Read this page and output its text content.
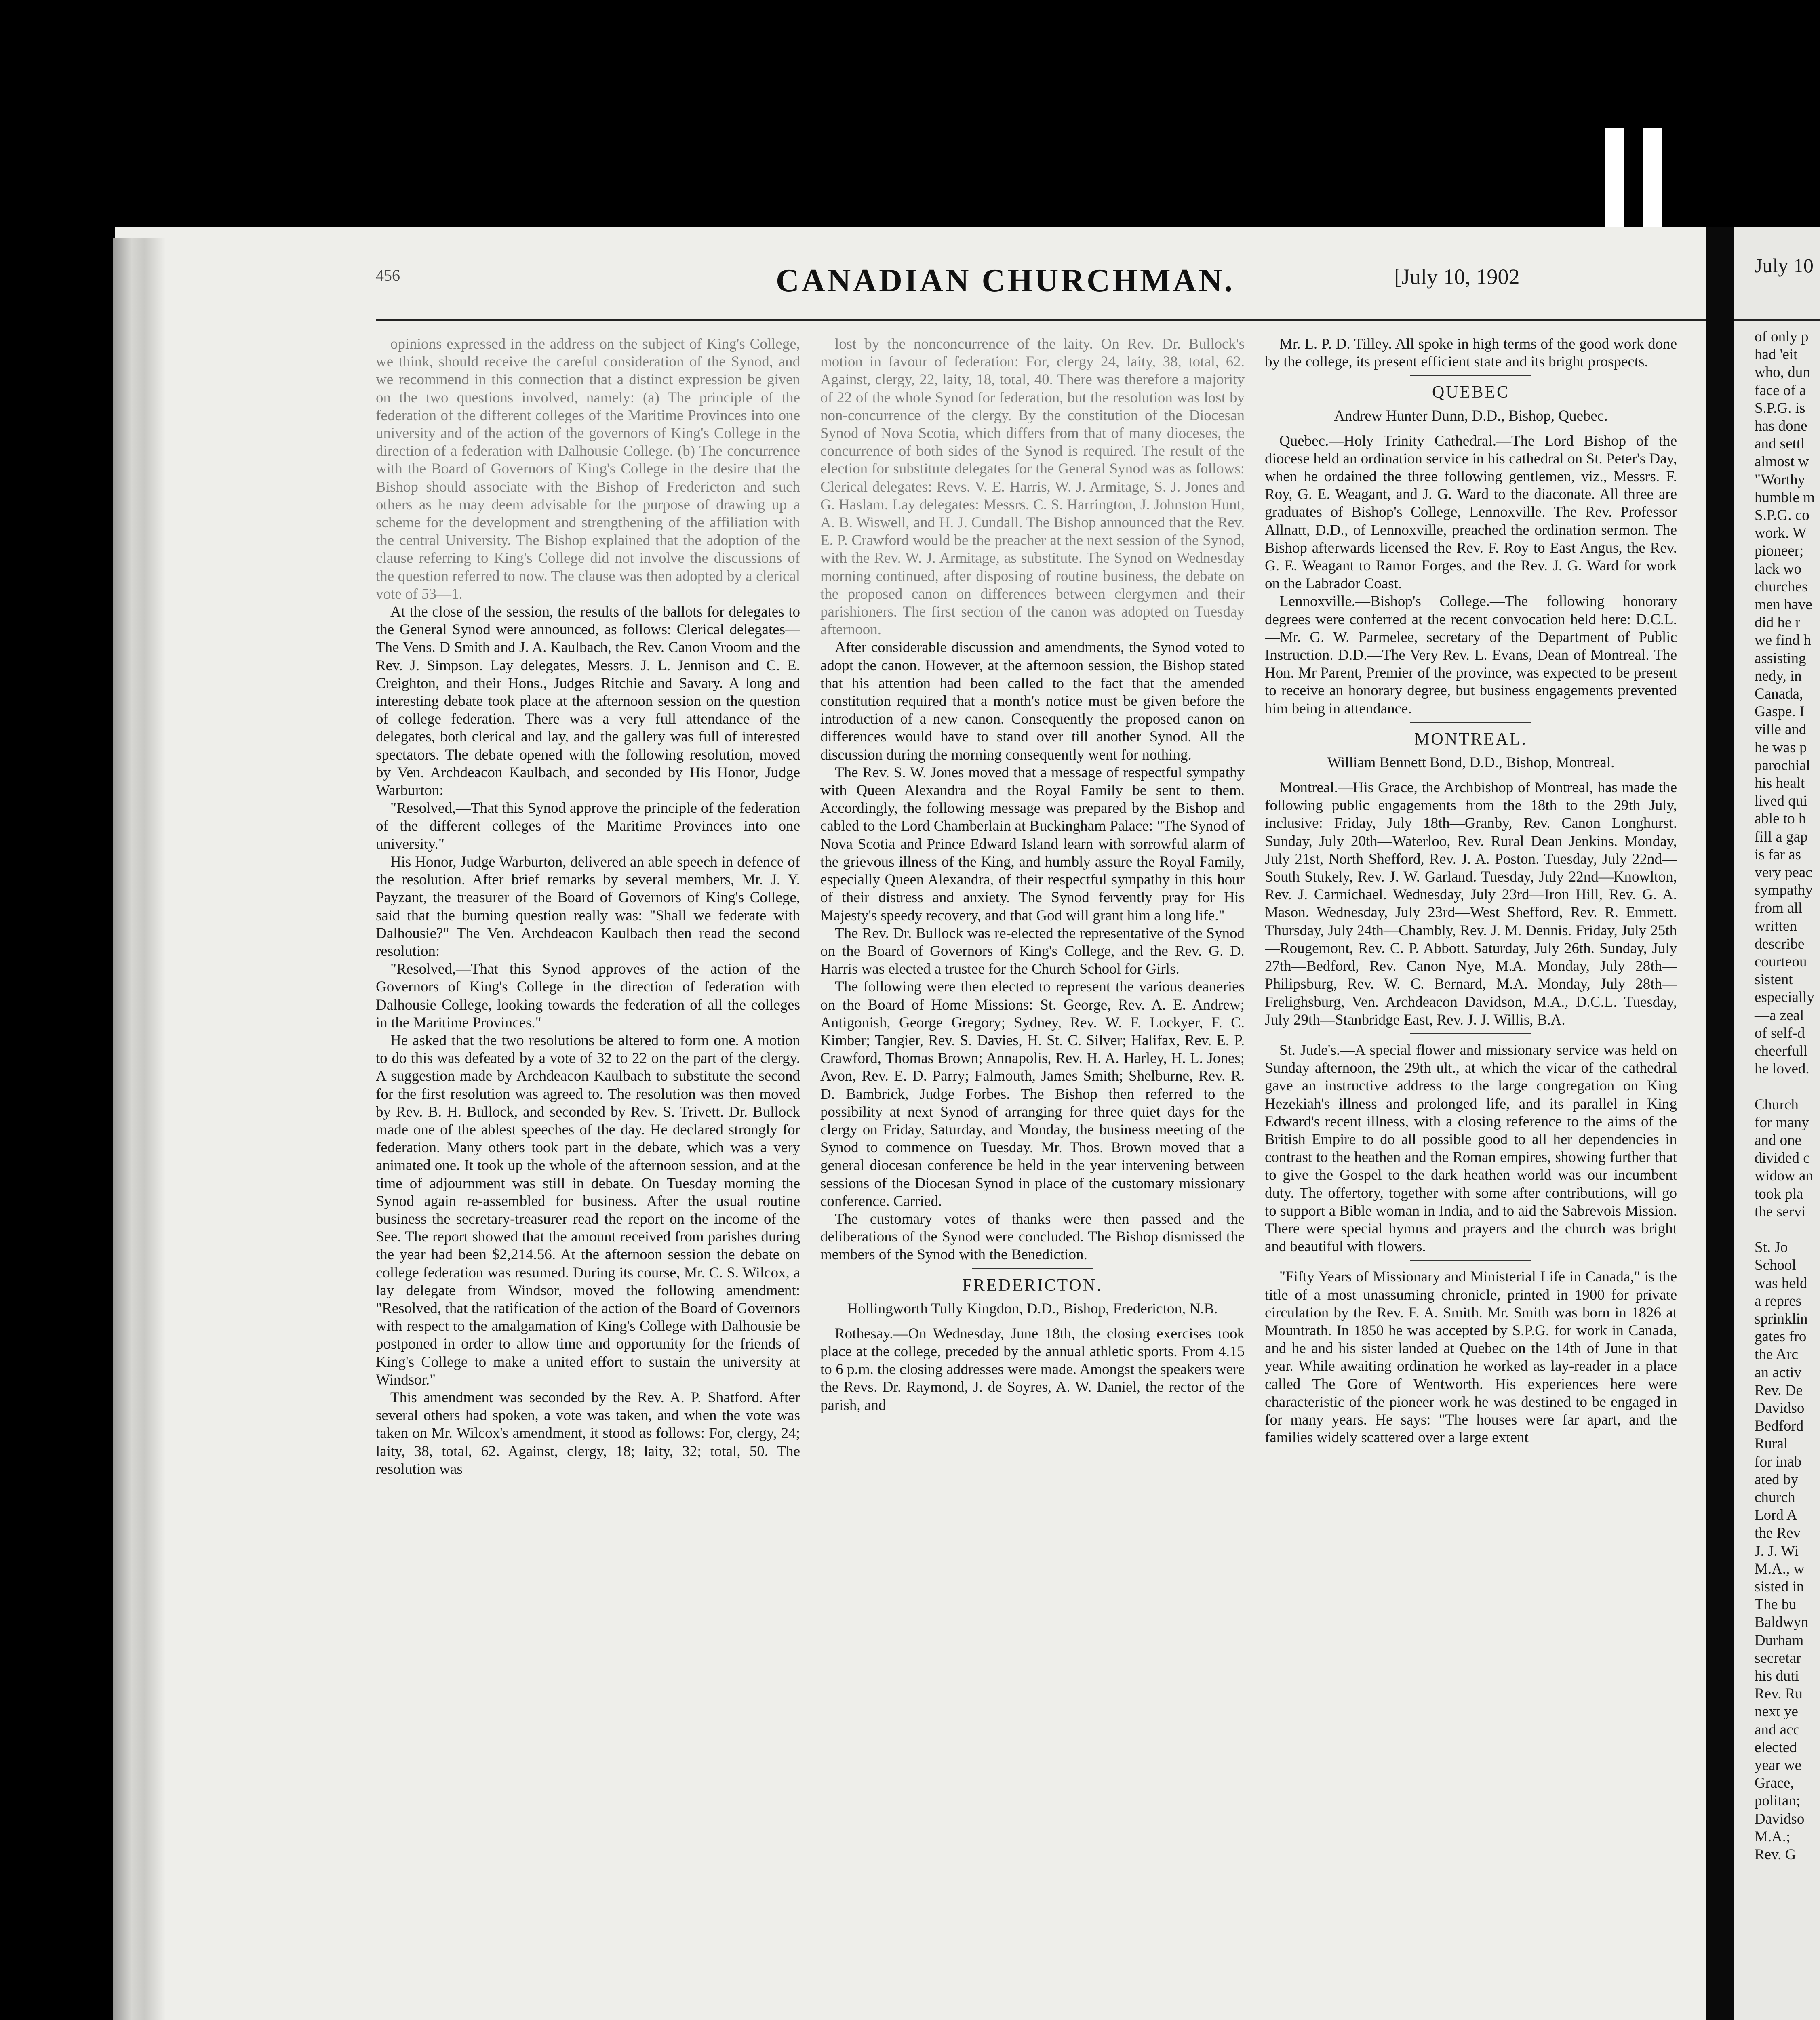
456	CANADIAN CHURCHMAN.	[July 10, 1902

opinions expressed in the address on the subject of King's College, we think, should receive the careful consideration of the Synod, and we recommend in this connection that a distinct expression be given on the two questions involved, namely: (a) The principle of the federation of the different colleges of the Maritime Provinces into one university and of the action of the governors of King's College in the direction of a federation with Dalhousie College. (b) The concurrence with the Board of Governors of King's College in the desire that the Bishop should associate with the Bishop of Fredericton and such others as he may deem advisable for the purpose of drawing up a scheme for the development and strengthening of the affiliation with the central University. The Bishop explained that the adoption of the clause referring to King's College did not involve the discussions of the question referred to now. The clause was then adopted by a clerical vote of 53—1.

At the close of the session, the results of the ballots for delegates to the General Synod were announced, as follows: Clerical delegates—The Vens. D Smith and J. A. Kaulbach, the Rev. Canon Vroom and the Rev. J. Simpson. Lay delegates, Messrs. J. L. Jennison and C. E. Creighton, and their Hons., Judges Ritchie and Savary. A long and interesting debate took place at the afternoon session on the question of college federation. There was a very full attendance of the delegates, both clerical and lay, and the gallery was full of interested spectators. The debate opened with the following resolution, moved by Ven. Archdeacon Kaulbach, and seconded by His Honor, Judge Warburton:

"Resolved,—That this Synod approve the principle of the federation of the different colleges of the Maritime Provinces into one university."

His Honor, Judge Warburton, delivered an able speech in defence of the resolution. After brief remarks by several members, Mr. J. Y. Payzant, the treasurer of the Board of Governors of King's College, said that the burning question really was: "Shall we federate with Dalhousie?" The Ven. Archdeacon Kaulbach then read the second resolution:

"Resolved,—That this Synod approves of the action of the Governors of King's College in the direction of federation with Dalhousie College, looking towards the federation of all the colleges in the Maritime Provinces."

He asked that the two resolutions be altered to form one. A motion to do this was defeated by a vote of 32 to 22 on the part of the clergy. A suggestion made by Archdeacon Kaulbach to substitute the second for the first resolution was agreed to. The resolution was then moved by Rev. B. H. Bullock, and seconded by Rev. S. Trivett. Dr. Bullock made one of the ablest speeches of the day. He declared strongly for federation. Many others took part in the debate, which was a very animated one. It took up the whole of the afternoon session, and at the time of adjournment was still in debate. On Tuesday morning the Synod again re-assembled for business. After the usual routine business the secretary-treasurer read the report on the income of the See. The report showed that the amount received from parishes during the year had been $2,214.56. At the afternoon session the debate on college federation was resumed. During its course, Mr. C. S. Wilcox, a lay delegate from Windsor, moved the following amendment: "Resolved, that the ratification of the action of the Board of Governors with respect to the amalgamation of King's College with Dalhousie be postponed in order to allow time and opportunity for the friends of King's College to make a united effort to sustain the university at Windsor."

This amendment was seconded by the Rev. A. P. Shatford. After several others had spoken, a vote was taken, and when the vote was taken on Mr. Wilcox's amendment, it stood as follows: For, clergy, 24; laity, 38, total, 62. Against, clergy, 18; laity, 32; total, 50. The resolution was

lost by the nonconcurrence of the laity. On Rev. Dr. Bullock's motion in favour of federation: For, clergy 24, laity, 38, total, 62. Against, clergy, 22, laity, 18, total, 40. There was therefore a majority of 22 of the whole Synod for federation, but the resolution was lost by non-concurrence of the clergy. By the constitution of the Diocesan Synod of Nova Scotia, which differs from that of many dioceses, the concurrence of both sides of the Synod is required. The result of the election for substitute delegates for the General Synod was as follows: Clerical delegates: Revs. V. E. Harris, W. J. Armitage, S. J. Jones and G. Haslam. Lay delegates: Messrs. C. S. Harrington, J. Johnston Hunt, A. B. Wiswell, and H. J. Cundall. The Bishop announced that the Rev. E. P. Crawford would be the preacher at the next session of the Synod, with the Rev. W. J. Armitage, as substitute. The Synod on Wednesday morning continued, after disposing of routine business, the debate on the proposed canon on differences between clergymen and their parishioners. The first section of the canon was adopted on Tuesday afternoon.

After considerable discussion and amendments, the Synod voted to adopt the canon. However, at the afternoon session, the Bishop stated that his attention had been called to the fact that the amended constitution required that a month's notice must be given before the introduction of a new canon. Consequently the proposed canon on differences would have to stand over till another Synod. All the discussion during the morning consequently went for nothing.

The Rev. S. W. Jones moved that a message of respectful sympathy with Queen Alexandra and the Royal Family be sent to them. Accordingly, the following message was prepared by the Bishop and cabled to the Lord Chamberlain at Buckingham Palace: "The Synod of Nova Scotia and Prince Edward Island learn with sorrowful alarm of the grievous illness of the King, and humbly assure the Royal Family, especially Queen Alexandra, of their respectful sympathy in this hour of their distress and anxiety. The Synod fervently pray for His Majesty's speedy recovery, and that God will grant him a long life."

The Rev. Dr. Bullock was re-elected the representative of the Synod on the Board of Governors of King's College, and the Rev. G. D. Harris was elected a trustee for the Church School for Girls.

The following were then elected to represent the various deaneries on the Board of Home Missions: St. George, Rev. A. E. Andrew; Antigonish, George Gregory; Sydney, Rev. W. F. Lockyer, F. C. Kimber; Tangier, Rev. S. Davies, H. St. C. Silver; Halifax, Rev. E. P. Crawford, Thomas Brown; Annapolis, Rev. H. A. Harley, H. L. Jones; Avon, Rev. E. D. Parry; Falmouth, James Smith; Shelburne, Rev. R. D. Bambrick, Judge Forbes. The Bishop then referred to the possibility at next Synod of arranging for three quiet days for the clergy on Friday, Saturday, and Monday, the business meeting of the Synod to commence on Tuesday. Mr. Thos. Brown moved that a general diocesan conference be held in the year intervening between sessions of the Diocesan Synod in place of the customary missionary conference. Carried.

The customary votes of thanks were then passed and the deliberations of the Synod were concluded. The Bishop dismissed the members of the Synod with the Benediction.

FREDERICTON.
Hollingworth Tully Kingdon, D.D., Bishop, Fredericton, N.B.

Rothesay.—On Wednesday, June 18th, the closing exercises took place at the college, preceded by the annual athletic sports. From 4.15 to 6 p.m. the closing addresses were made. Amongst the speakers were the Revs. Dr. Raymond, J. de Soyres, A. W. Daniel, the rector of the parish, and

Mr. L. P. D. Tilley. All spoke in high terms of the good work done by the college, its present efficient state and its bright prospects.

QUEBEC
Andrew Hunter Dunn, D.D., Bishop, Quebec.

Quebec.—Holy Trinity Cathedral.—The Lord Bishop of the diocese held an ordination service in his cathedral on St. Peter's Day, when he ordained the three following gentlemen, viz., Messrs. F. Roy, G. E. Weagant, and J. G. Ward to the diaconate. All three are graduates of Bishop's College, Lennoxville. The Rev. Professor Allnatt, D.D., of Lennoxville, preached the ordination sermon. The Bishop afterwards licensed the Rev. F. Roy to East Angus, the Rev. G. E. Weagant to Ramor Forges, and the Rev. J. G. Ward for work on the Labrador Coast.

Lennoxville.—Bishop's College.—The following honorary degrees were conferred at the recent convocation held here: D.C.L.—Mr. G. W. Parmelee, secretary of the Department of Public Instruction. D.D.—The Very Rev. L. Evans, Dean of Montreal. The Hon. Mr Parent, Premier of the province, was expected to be present to receive an honorary degree, but business engagements prevented him being in attendance.

MONTREAL.
William Bennett Bond, D.D., Bishop, Montreal.

Montreal.—His Grace, the Archbishop of Montreal, has made the following public engagements from the 18th to the 29th July, inclusive: Friday, July 18th—Granby, Rev. Canon Longhurst. Sunday, July 20th—Waterloo, Rev. Rural Dean Jenkins. Monday, July 21st, North Shefford, Rev. J. A. Poston. Tuesday, July 22nd—South Stukely, Rev. J. W. Garland. Tuesday, July 22nd—Knowlton, Rev. J. Carmichael. Wednesday, July 23rd—Iron Hill, Rev. G. A. Mason. Wednesday, July 23rd—West Shefford, Rev. R. Emmett. Thursday, July 24th—Chambly, Rev. J. M. Dennis. Friday, July 25th—Rougemont, Rev. C. P. Abbott. Saturday, July 26th. Sunday, July 27th—Bedford, Rev. Canon Nye, M.A. Monday, July 28th—Philipsburg, Rev. W. C. Bernard, M.A. Monday, July 28th—Frelighsburg, Ven. Archdeacon Davidson, M.A., D.C.L. Tuesday, July 29th—Stanbridge East, Rev. J. J. Willis, B.A.

St. Jude's.—A special flower and missionary service was held on Sunday afternoon, the 29th ult., at which the vicar of the cathedral gave an instructive address to the large congregation on King Hezekiah's illness and prolonged life, and its parallel in King Edward's recent illness, with a closing reference to the aims of the British Empire to do all possible good to all her dependencies in contrast to the heathen and the Roman empires, showing further that to give the Gospel to the dark heathen world was our incumbent duty. The offertory, together with some after contributions, will go to support a Bible woman in India, and to aid the Sabrevois Mission. There were special hymns and prayers and the church was bright and beautiful with flowers.

"Fifty Years of Missionary and Ministerial Life in Canada," is the title of a most unassuming chronicle, printed in 1900 for private circulation by the Rev. F. A. Smith. Mr. Smith was born in 1826 at Mountrath. In 1850 he was accepted by S.P.G. for work in Canada, and he and his sister landed at Quebec on the 14th of June in that year. While awaiting ordination he worked as lay-reader in a place called The Gore of Wentworth. His experiences here were characteristic of the pioneer work he was destined to be engaged in for many years. He says: "The houses were far apart, and the families widely scattered over a large extent

July 10
of only p
had 'eit
who, dun
face of a
S.P.G. is
has done
and settl
almost w
"Worthy
humble m
S.P.G. co
work. W
pioneer;
lack wo
churches
men have
did he r
we find h
assisting
nedy, in
Canada,
Gaspe. I
ville and
he was p
parochial
his healt
lived qui
able to h
fill a gap
is far as
very peac
sympathy
from all
written
describe
courteou
sistent
especially
—a zeal
of self-d
cheerfull
he loved.
Church
for many
and one
divided c
widow an
took pla
the servi
St. Jo
School
was held
a repres
sprinklin
gates fro
the Arc
an activ
Rev. De
Davidso
Bedford
Rural
for inab
ated by
church
Lord A
the Rev
J. J. Wi
M.A., w
sisted in
The bu
Baldwyn
Durham
secretar
his duti
Rev. Ru
next ye
and acc
elected
year we
Grace,
politan;
Davidso
M.A.;
Rev. G
